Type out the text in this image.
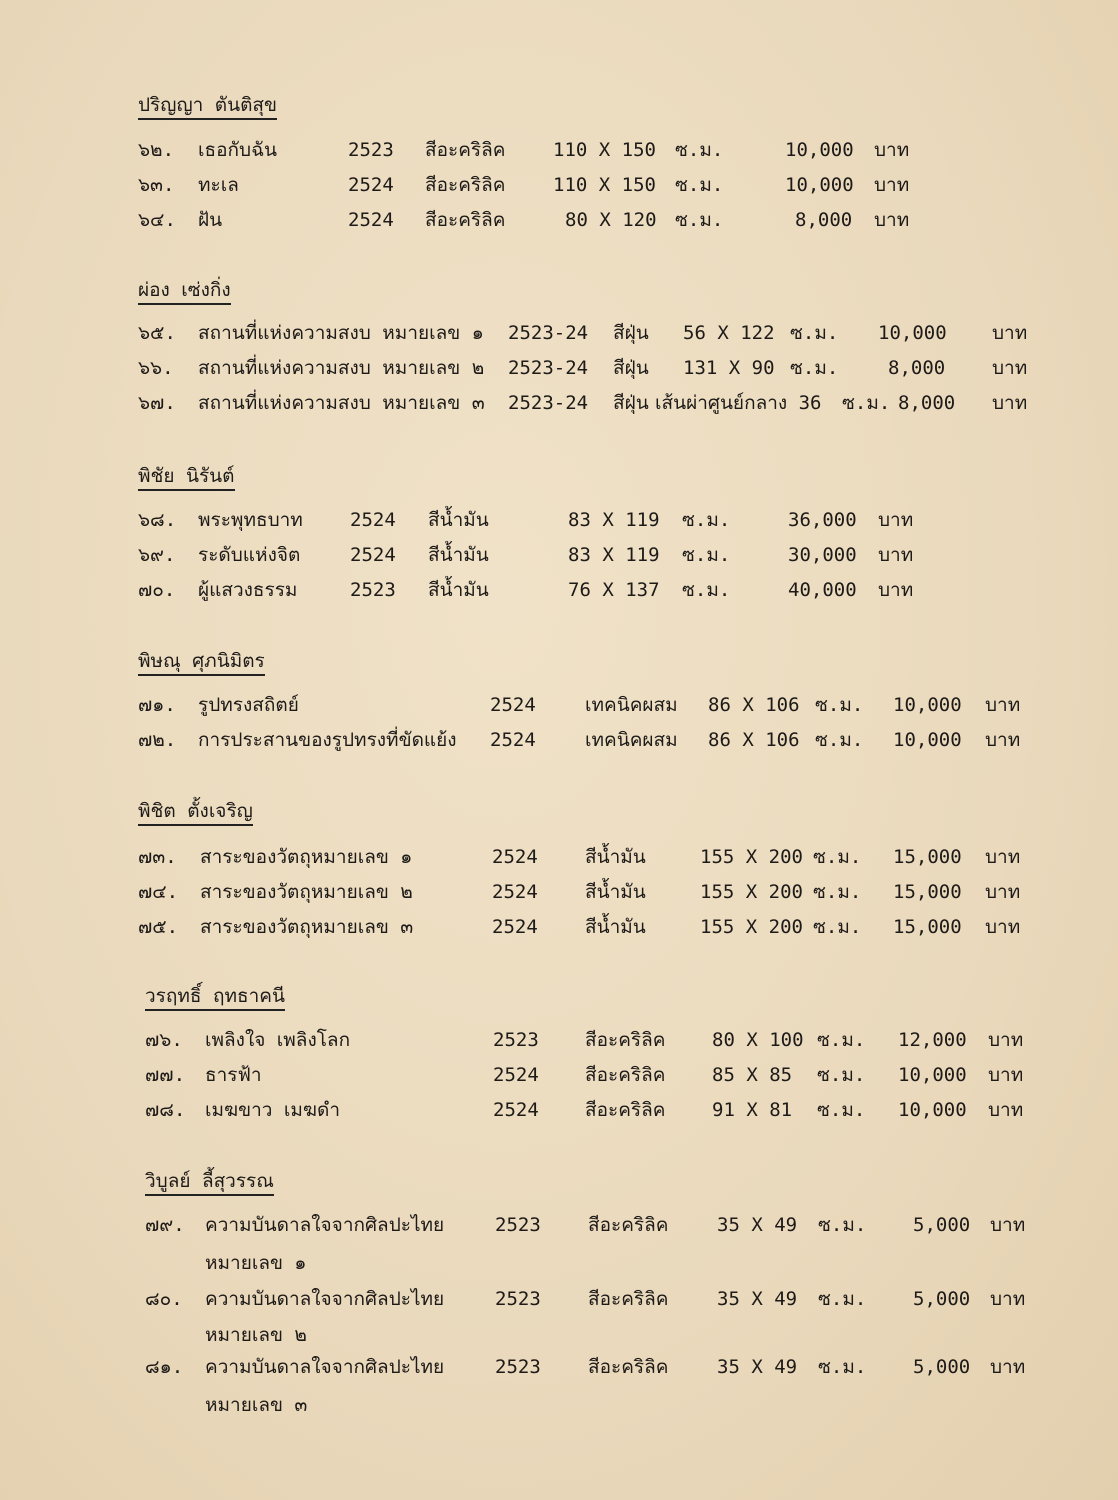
ปริญญา ตันติสุข
๖๒. เธอกับฉัน	2523 สีอะคริลิค	110 X 150 ซ.ม.	10,000 บาท
๖๓. ทะเล	2524 สีอะคริลิค	110 X 150 ซ.ม.	10,000 บาท
๖๔. ฝัน	2524 สีอะคริลิค	80 X 120 ซ.ม.	8,000 บาท
ผ่อง เซ่งกิ่ง
๖๕. สถานที่แห่งความสงบ หมายเลข ๑ 2523-24 สีฝุ่น 56 X 122 ซ.ม. 10,000 บาท
๖๖. สถานที่แห่งความสงบ หมายเลข ๒ 2523-24 สีฝุ่น 131 X 90 ซ.ม.	8,000 บาท
๖๗. สถานที่แห่งความสงบ หมายเลข ๓ 2523-24 สีฝุ่น เส้นผ่าศูนย์กลาง 36 ซ.ม. 8,000 บาท
พิชัย นิรันต์
๖๘. พระพุทธบาท 2524 สีน้ำมัน	83 X 119 ซ.ม.	36,000 บาท
๖๙. ระดับแห่งจิต	2524 สีน้ำมัน	83 X 119 ซ.ม.	30,000 บาท
๗๐. ผู้แสวงธรรม	2523 สีน้ำมัน	76 X 137 ซ.ม.	40,000 บาท
พิษณุ ศุภนิมิตร
๗๑. รูปทรงสถิตย์	2524	เทคนิคผสม 86 X 106 ซ.ม. 10,000 บาท
๗๒. การประสานของรูปทรงที่ขัดแย้ง 2524	เทคนิคผสม 86 X 106 ซ.ม. 10,000 บาท
พิชิต ตั้งเจริญ
๗๓. สาระของวัตถุหมายเลข ๑	2524 สีน้ำมัน	155 X 200 ซ.ม. 15,000 บาท
๗๔. สาระของวัตถุหมายเลข ๒	2524 สีน้ำมัน	155 X 200 ซ.ม. 15,000 บาท
๗๕. สาระของวัตถุหมายเลข ๓	2524 สีน้ำมัน	155 X 200 ซ.ม. 15,000 บาท
วรฤทธิ์ ฤทธาคนี
๗๖. เพลิงใจ เพลิงโลก	2523 สีอะคริลิค 80 X 100 ซ.ม. 12,000 บาท
๗๗. ธารฟ้า	2524 สีอะคริลิค 85 X 85 ซ.ม. 10,000 บาท
๗๘. เมฆขาว เมฆดำ	2524 สีอะคริลิค 91 X 81 ซ.ม. 10,000 บาท
วิบูลย์ ลี้สุวรรณ
๗๙. ความบันดาลใจจากศิลปะไทย	2523 สีอะคริลิค	35 X 49 ซ.ม. 5,000 บาท
หมายเลข ๑
๘๐. ความบันดาลใจจากศิลปะไทย	2523 สีอะคริลิค	35 X 49 ซ.ม. 5,000 บาท
หมายเลข ๒
๘๑. ความบันดาลใจจากศิลปะไทย	2523 สีอะคริลิค	35 X 49 ซ.ม. 5,000 บาท
หมายเลข ๓
